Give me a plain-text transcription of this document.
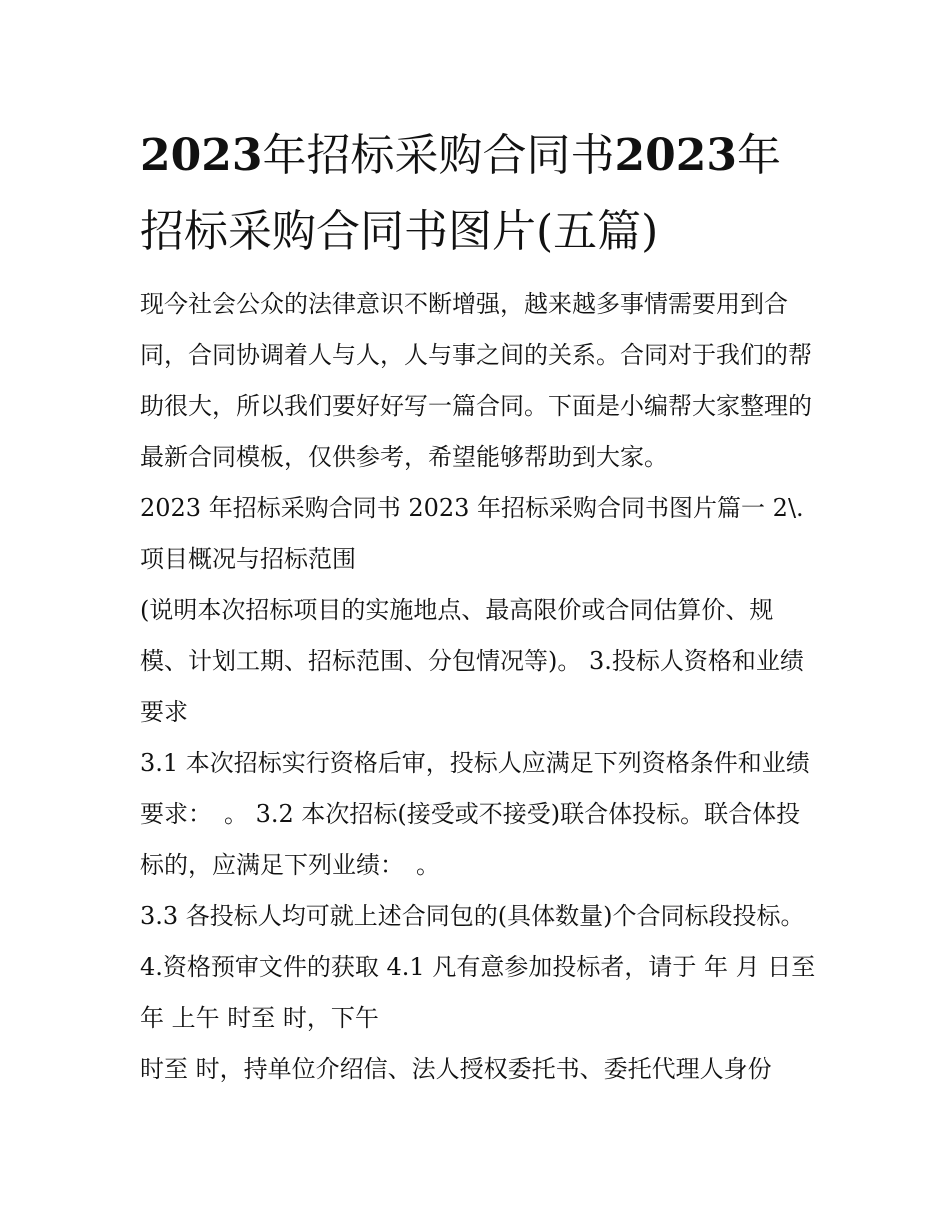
2023年招标采购合同书2023年招标采购合同书图片(五篇)

现今社会公众的法律意识不断增强，越来越多事情需要用到合同，合同协调着人与人，人与事之间的关系。合同对于我们的帮助很大，所以我们要好好写一篇合同。下面是小编帮大家整理的最新合同模板，仅供参考，希望能够帮助到大家。

2023 年招标采购合同书 2023 年招标采购合同书图片篇一 2\. 项目概况与招标范围

(说明本次招标项目的实施地点、最高限价或合同估算价、规模、计划工期、招标范围、分包情况等)。 3.投标人资格和业绩要求

3.1 本次招标实行资格后审，投标人应满足下列资格条件和业绩要求：　。 3.2 本次招标(接受或不接受)联合体投标。联合体投标的，应满足下列业绩：　。

3.3 各投标人均可就上述合同包的(具体数量)个合同标段投标。 4.资格预审文件的获取 4.1 凡有意参加投标者，请于 年 月 日至 年 上午 时至 时，下午

时至 时，持单位介绍信、法人授权委托书、委托代理人身份
